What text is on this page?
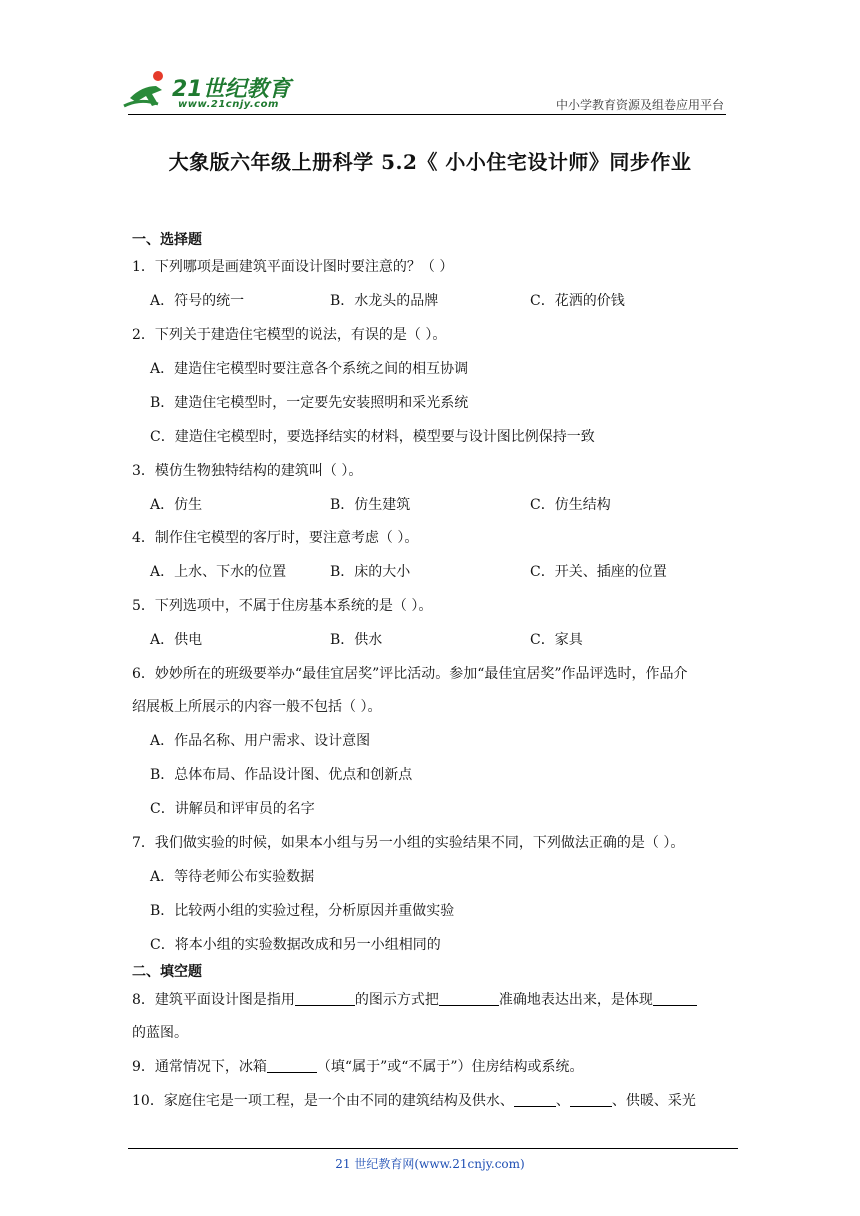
21世纪教育
www.21cnjy.com	中小学教育资源及组卷应用平台
大象版六年级上册科学 5.2《 小小住宅设计师》同步作业
一、选择题
1．下列哪项是画建筑平面设计图时要注意的？（ ）
A．符号的统一	B．水龙头的品牌	C．花洒的价钱
2．下列关于建造住宅模型的说法，有误的是（ ）。
A．建造住宅模型时要注意各个系统之间的相互协调
B．建造住宅模型时，一定要先安装照明和采光系统
C．建造住宅模型时，要选择结实的材料，模型要与设计图比例保持一致
3．模仿生物独特结构的建筑叫（ ）。
A．仿生	B．仿生建筑	C．仿生结构
4．制作住宅模型的客厅时，要注意考虑（ ）。
A．上水、下水的位置	B．床的大小	C．开关、插座的位置
5．下列选项中，不属于住房基本系统的是（ ）。
A．供电	B．供水	C．家具
6．妙妙所在的班级要举办“最佳宜居奖”评比活动。参加“最佳宜居奖”作品评选时，作品介
绍展板上所展示的内容一般不包括（ ）。
A．作品名称、用户需求、设计意图
B．总体布局、作品设计图、优点和创新点
C．讲解员和评审员的名字
7．我们做实验的时候，如果本小组与另一小组的实验结果不同，下列做法正确的是（ ）。
A．等待老师公布实验数据
B．比较两小组的实验过程，分析原因并重做实验
C．将本小组的实验数据改成和另一小组相同的
二、填空题
8．建筑平面设计图是指用	的图示方式把	准确地表达出来，是体现
的蓝图。
9．通常情况下，冰箱	（填“属于”或“不属于”）住房结构或系统。
10．家庭住宅是一项工程，是一个由不同的建筑结构及供水、	、	、供暖、采光
21 世纪教育网(www.21cnjy.com)
